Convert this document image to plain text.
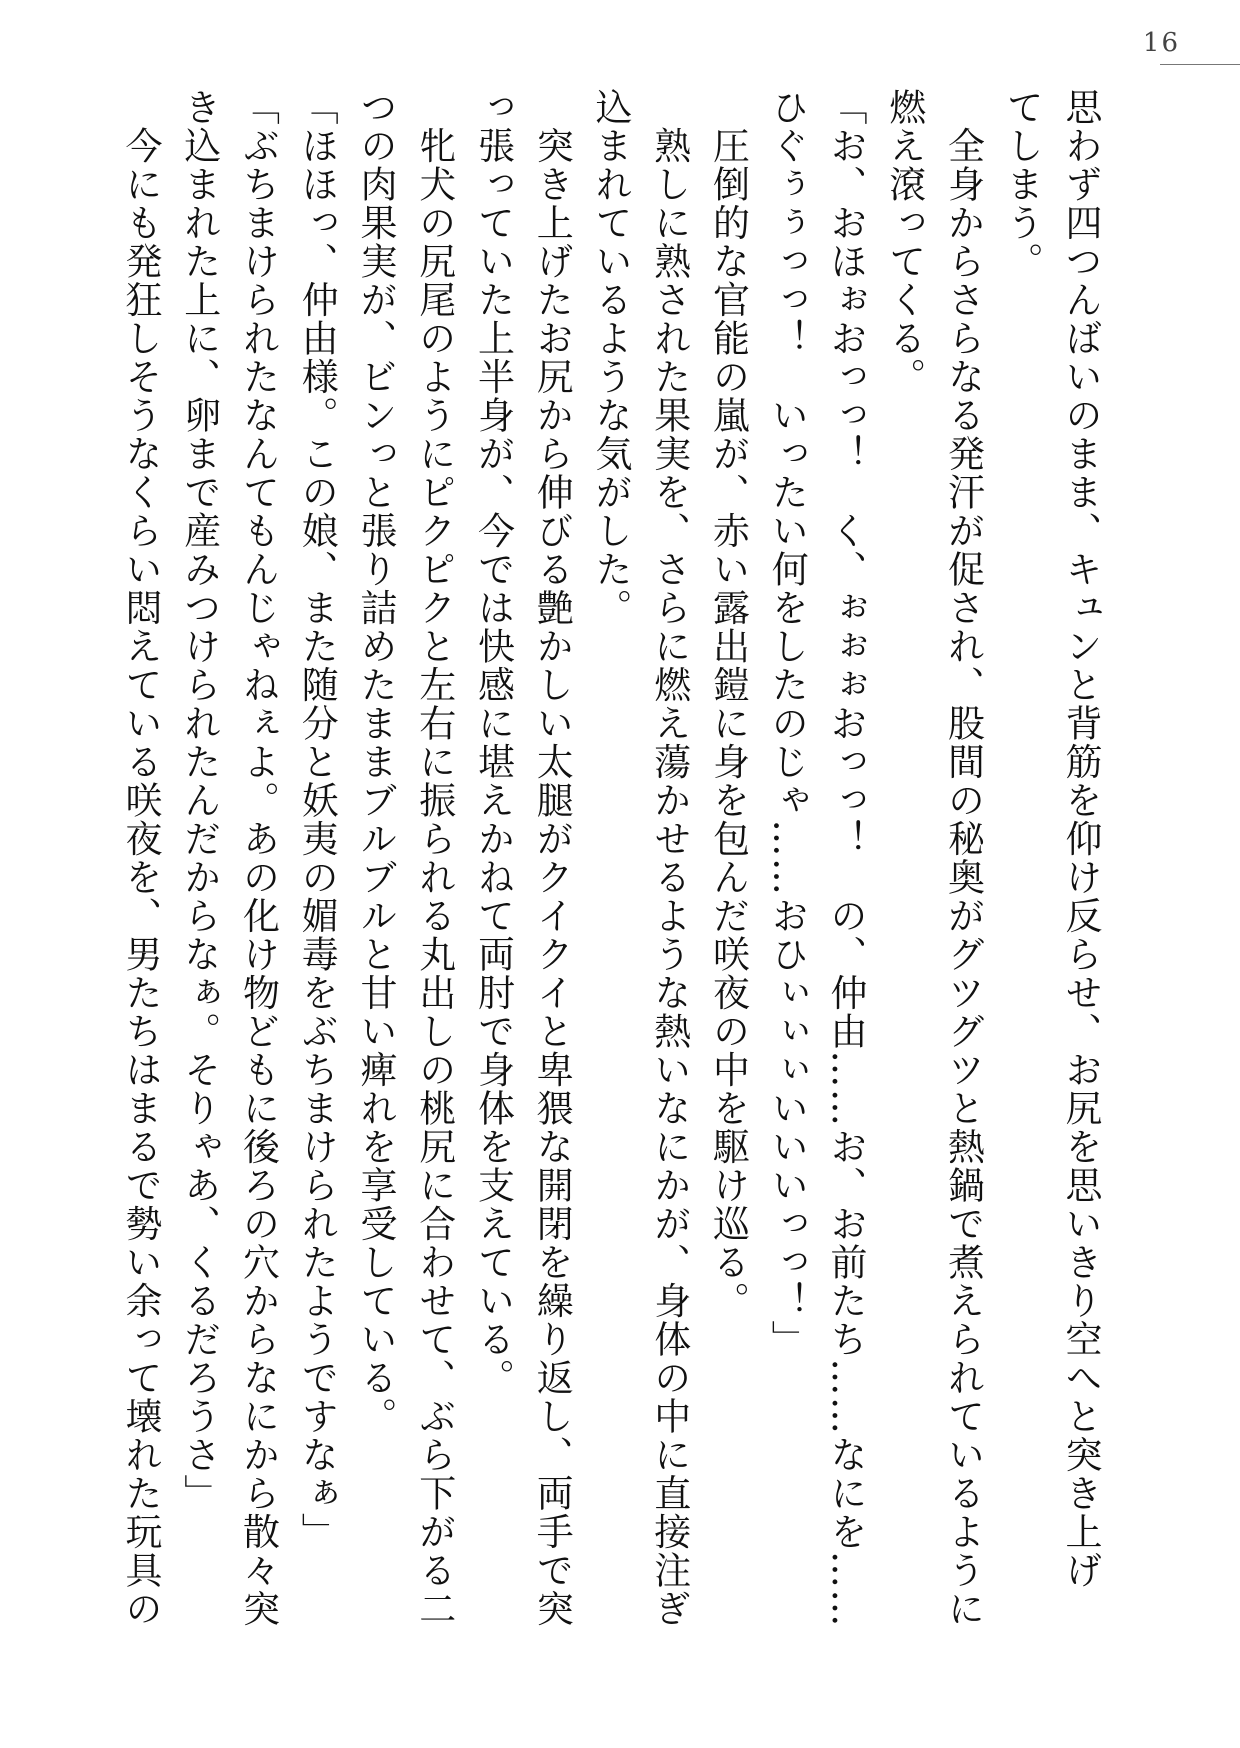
16
思わず四つんばいのまま、キュンと背筋を仰け反らせ、お尻を思いきり空へと突き上げ
てしまう。
　全身からさらなる発汗が促され、股間の秘奥がグツグツと熱鍋で煮えられているように
燃え滾ってくる。
「お、おほぉおっっ！　く、ぉぉぉおっっ！　の、仲由……お、お前たち……なにを……
ひぐぅぅっっ！　いったい何をしたのじゃ……おひぃぃぃいいいっっ！」
　圧倒的な官能の嵐が、赤い露出鎧に身を包んだ咲夜の中を駆け巡る。
　熟しに熟された果実を、さらに燃え蕩かせるような熱いなにかが、身体の中に直接注ぎ
込まれているような気がした。
　突き上げたお尻から伸びる艶かしい太腿がクイクイと卑猥な開閉を繰り返し、両手で突
っ張っていた上半身が、今では快感に堪えかねて両肘で身体を支えている。
　牝犬の尻尾のようにピクピクと左右に振られる丸出しの桃尻に合わせて、ぶら下がる二
つの肉果実が、ビンっと張り詰めたままブルブルと甘い痺れを享受している。
「ほほっ、仲由様。この娘、また随分と妖夷の媚毒をぶちまけられたようですなぁ」
「ぶちまけられたなんてもんじゃねぇよ。あの化け物どもに後ろの穴からなにから散々突
き込まれた上に、卵まで産みつけられたんだからなぁ。そりゃあ、くるだろうさ」
　今にも発狂しそうなくらい悶えている咲夜を、男たちはまるで勢い余って壊れた玩具の
